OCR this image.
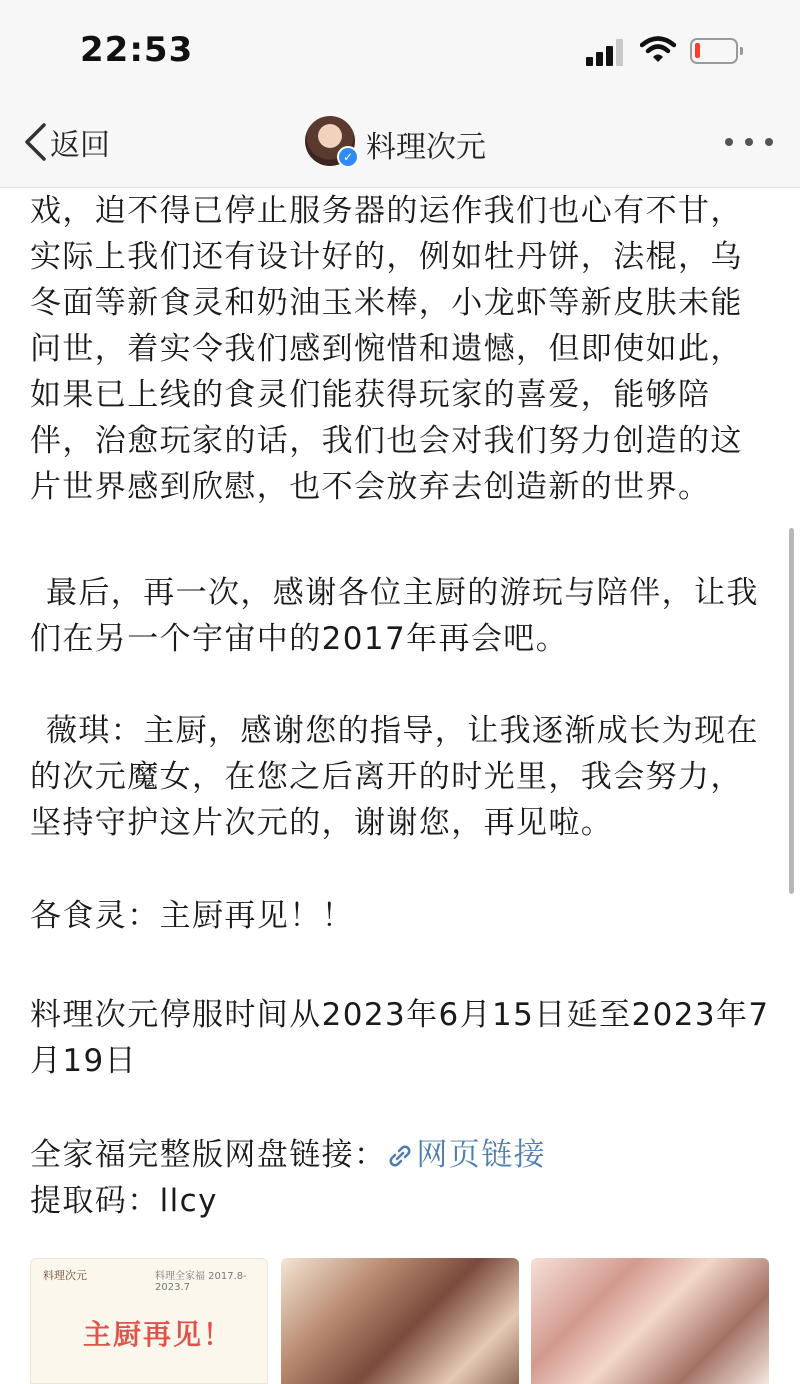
22:53
返回	✓ 料理次元

戏，迫不得已停止服务器的运作我们也心有不甘，实际上我们还有设计好的，例如牡丹饼，法棍，乌冬面等新食灵和奶油玉米棒，小龙虾等新皮肤未能问世，着实令我们感到惋惜和遗憾，但即使如此，如果已上线的食灵们能获得玩家的喜爱，能够陪伴，治愈玩家的话，我们也会对我们努力创造的这片世界感到欣慰，也不会放弃去创造新的世界。

最后，再一次，感谢各位主厨的游玩与陪伴，让我们在另一个宇宙中的2017年再会吧。

薇琪：主厨，感谢您的指导，让我逐渐成长为现在的次元魔女，在您之后离开的时光里，我会努力，坚持守护这片次元的，谢谢您，再见啦。

各食灵：主厨再见！！

料理次元停服时间从2023年6月15日延至2023年7月19日

全家福完整版网盘链接： 网页链接

提取码：llcy

料理次元	料理全家福 2017.8-2023.7
主厨再见！
